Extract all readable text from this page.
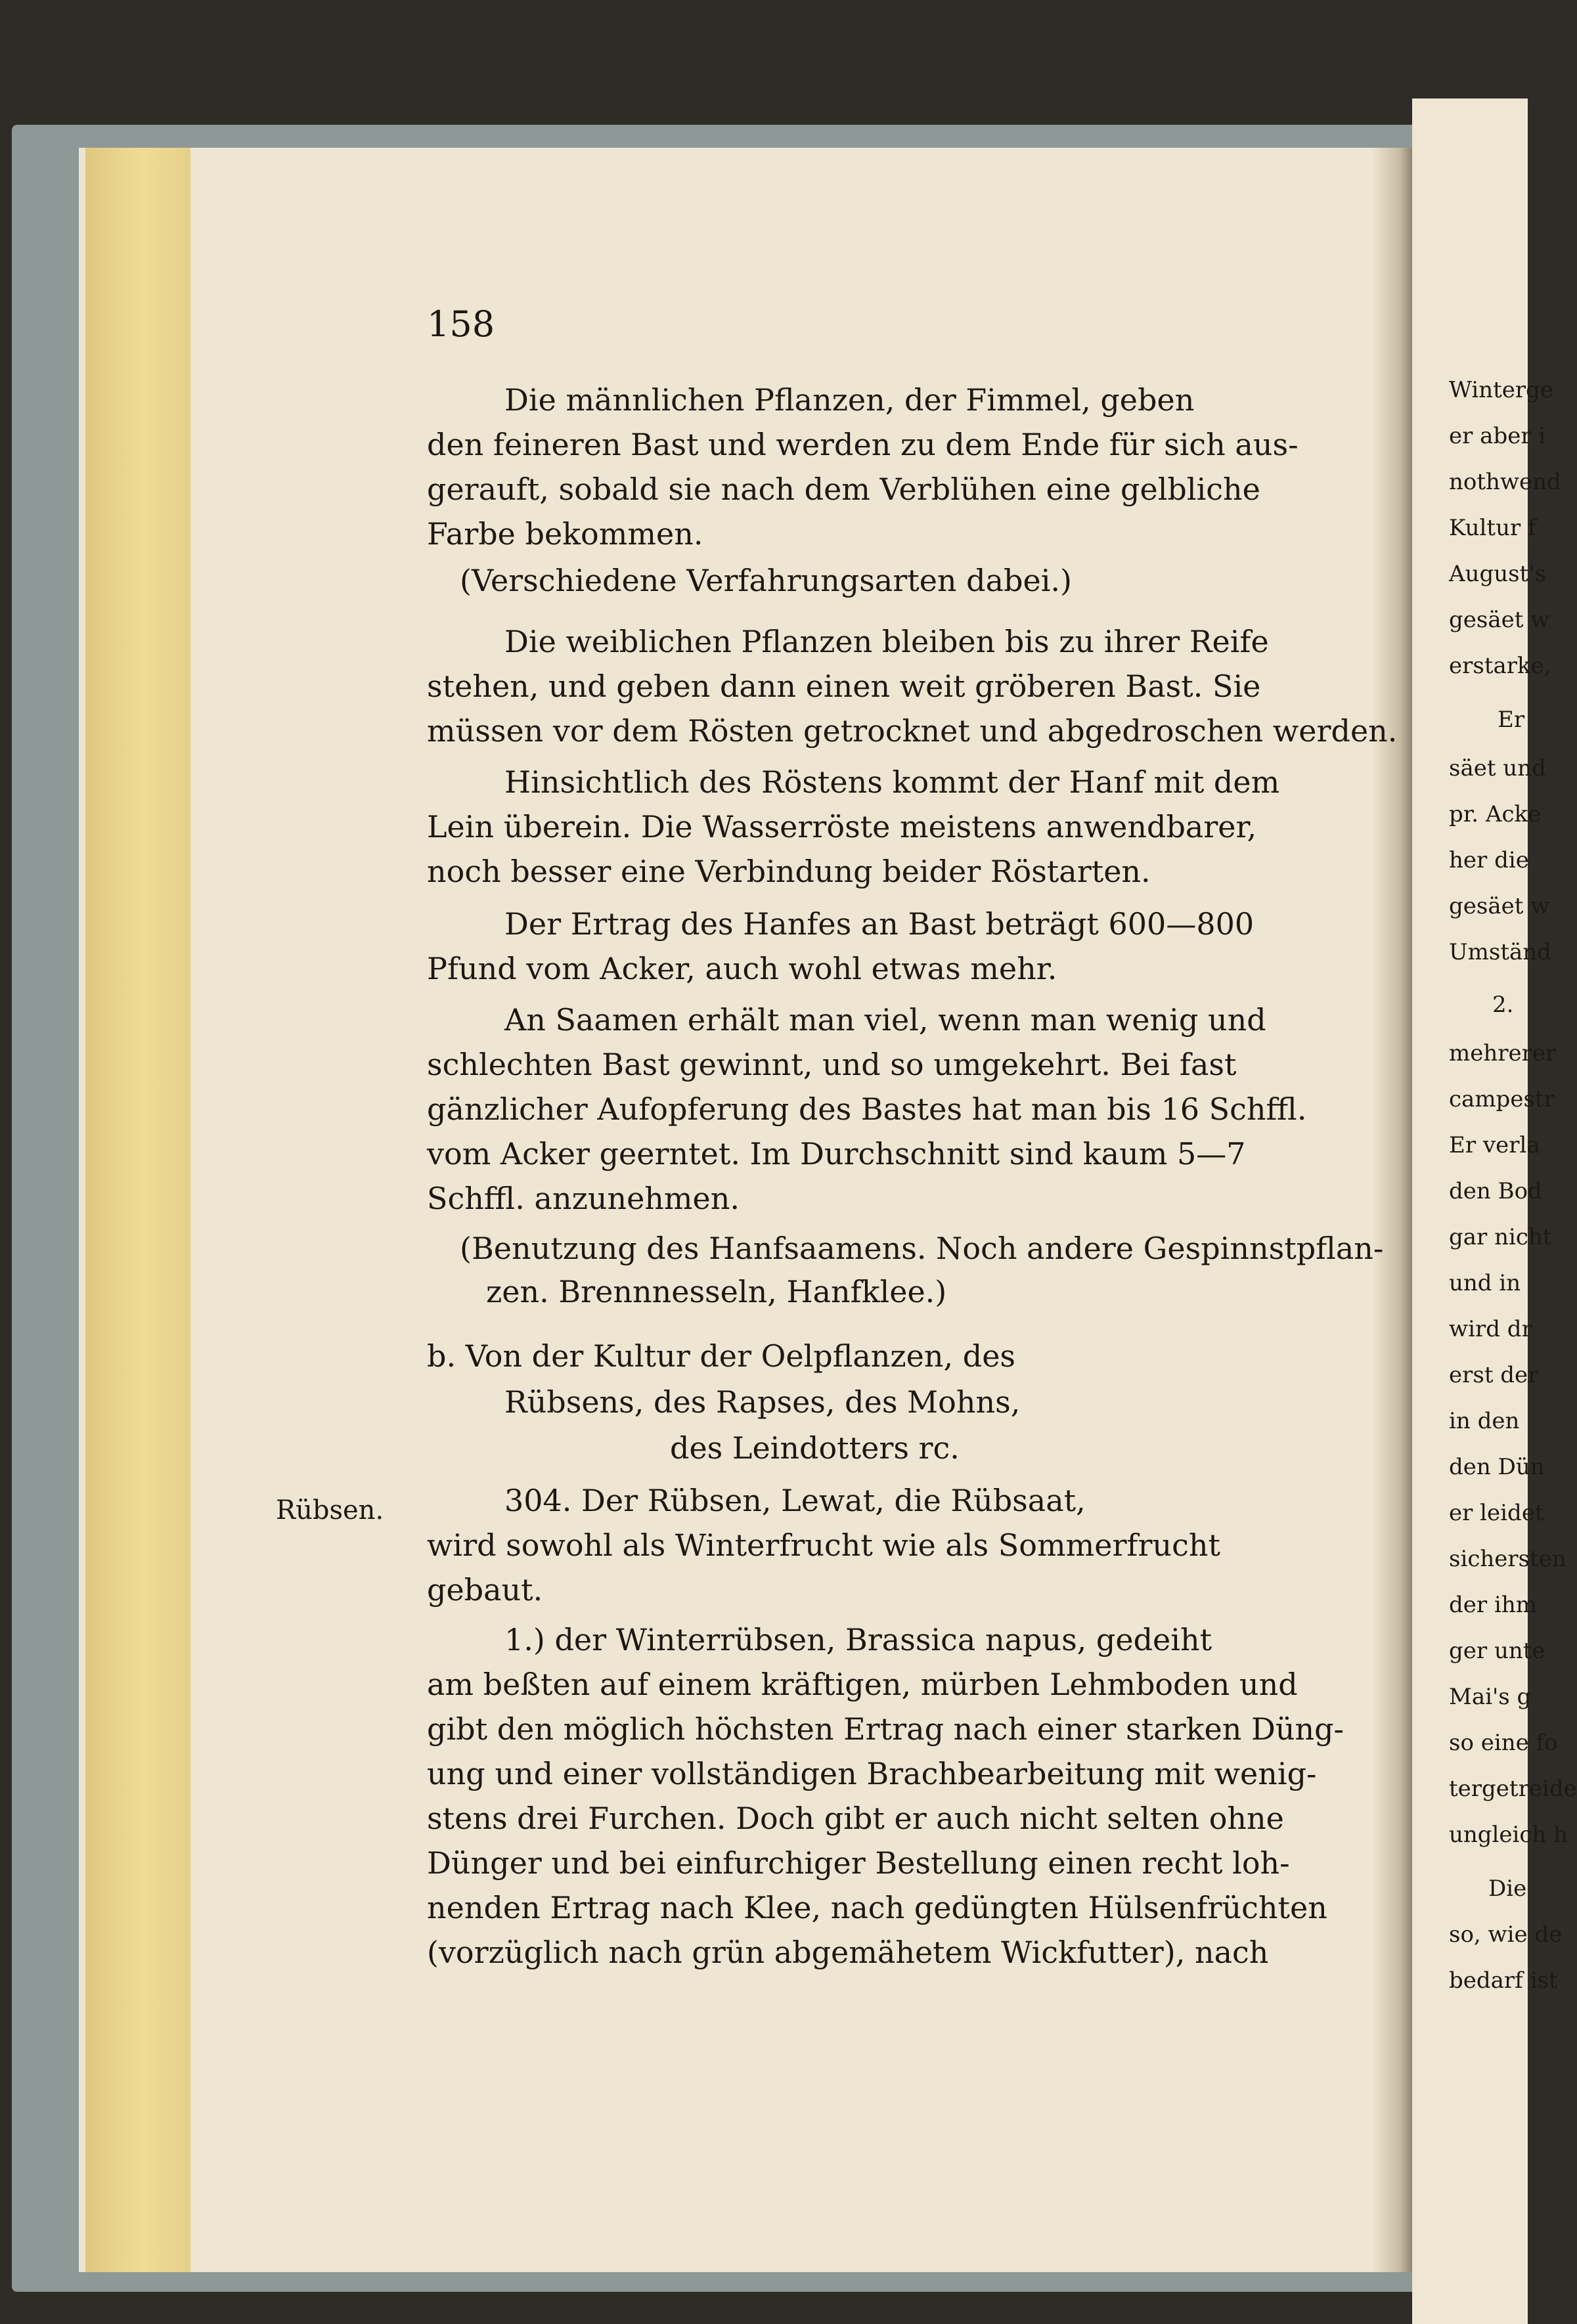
158
Rübsen.
Die männlichen Pflanzen, der Fimmel, geben
den feineren Bast und werden zu dem Ende für sich aus-
gerauft, sobald sie nach dem Verblühen eine gelbliche
Farbe bekommen.
(Verschiedene Verfahrungsarten dabei.)
Die weiblichen Pflanzen bleiben bis zu ihrer Reife
stehen, und geben dann einen weit gröberen Bast. Sie
müssen vor dem Rösten getrocknet und abgedroschen werden.
Hinsichtlich des Röstens kommt der Hanf mit dem
Lein überein. Die Wasserröste meistens anwendbarer,
noch besser eine Verbindung beider Röstarten.
Der Ertrag des Hanfes an Bast beträgt 600—800
Pfund vom Acker, auch wohl etwas mehr.
An Saamen erhält man viel, wenn man wenig und
schlechten Bast gewinnt, und so umgekehrt. Bei fast
gänzlicher Aufopferung des Bastes hat man bis 16 Schffl.
vom Acker geerntet. Im Durchschnitt sind kaum 5—7
Schffl. anzunehmen.
(Benutzung des Hanfsaamens. Noch andere Gespinnstpflan-
zen. Brennnesseln, Hanfklee.)
b. Von der Kultur der Oelpflanzen, des
Rübsens, des Rapses, des Mohns,
des Leindotters rc.
304. Der Rübsen, Lewat, die Rübsaat,
wird sowohl als Winterfrucht wie als Sommerfrucht
gebaut.
1.) der Winterrübsen, Brassica napus, gedeiht
am beßten auf einem kräftigen, mürben Lehmboden und
gibt den möglich höchsten Ertrag nach einer starken Düng-
ung und einer vollständigen Brachbearbeitung mit wenig-
stens drei Furchen. Doch gibt er auch nicht selten ohne
Dünger und bei einfurchiger Bestellung einen recht loh-
nenden Ertrag nach Klee, nach gedüngten Hülsenfrüchten
(vorzüglich nach grün abgemähetem Wickfutter), nach
Winterge
er aber i
nothwend
Kultur f
August's
gesäet w
erstarke,
Er
säet und
pr. Acke
her die
gesäet w
Umständ
2.
mehrerer
campestr
Er verla
den Bod
gar nicht
und in
wird dr
erst der
in den
den Dün
er leidet
sichersten
der ihm
ger unte
Mai's g
so eine fo
tergetreide
ungleich h
Die
so, wie de
bedarf ist
